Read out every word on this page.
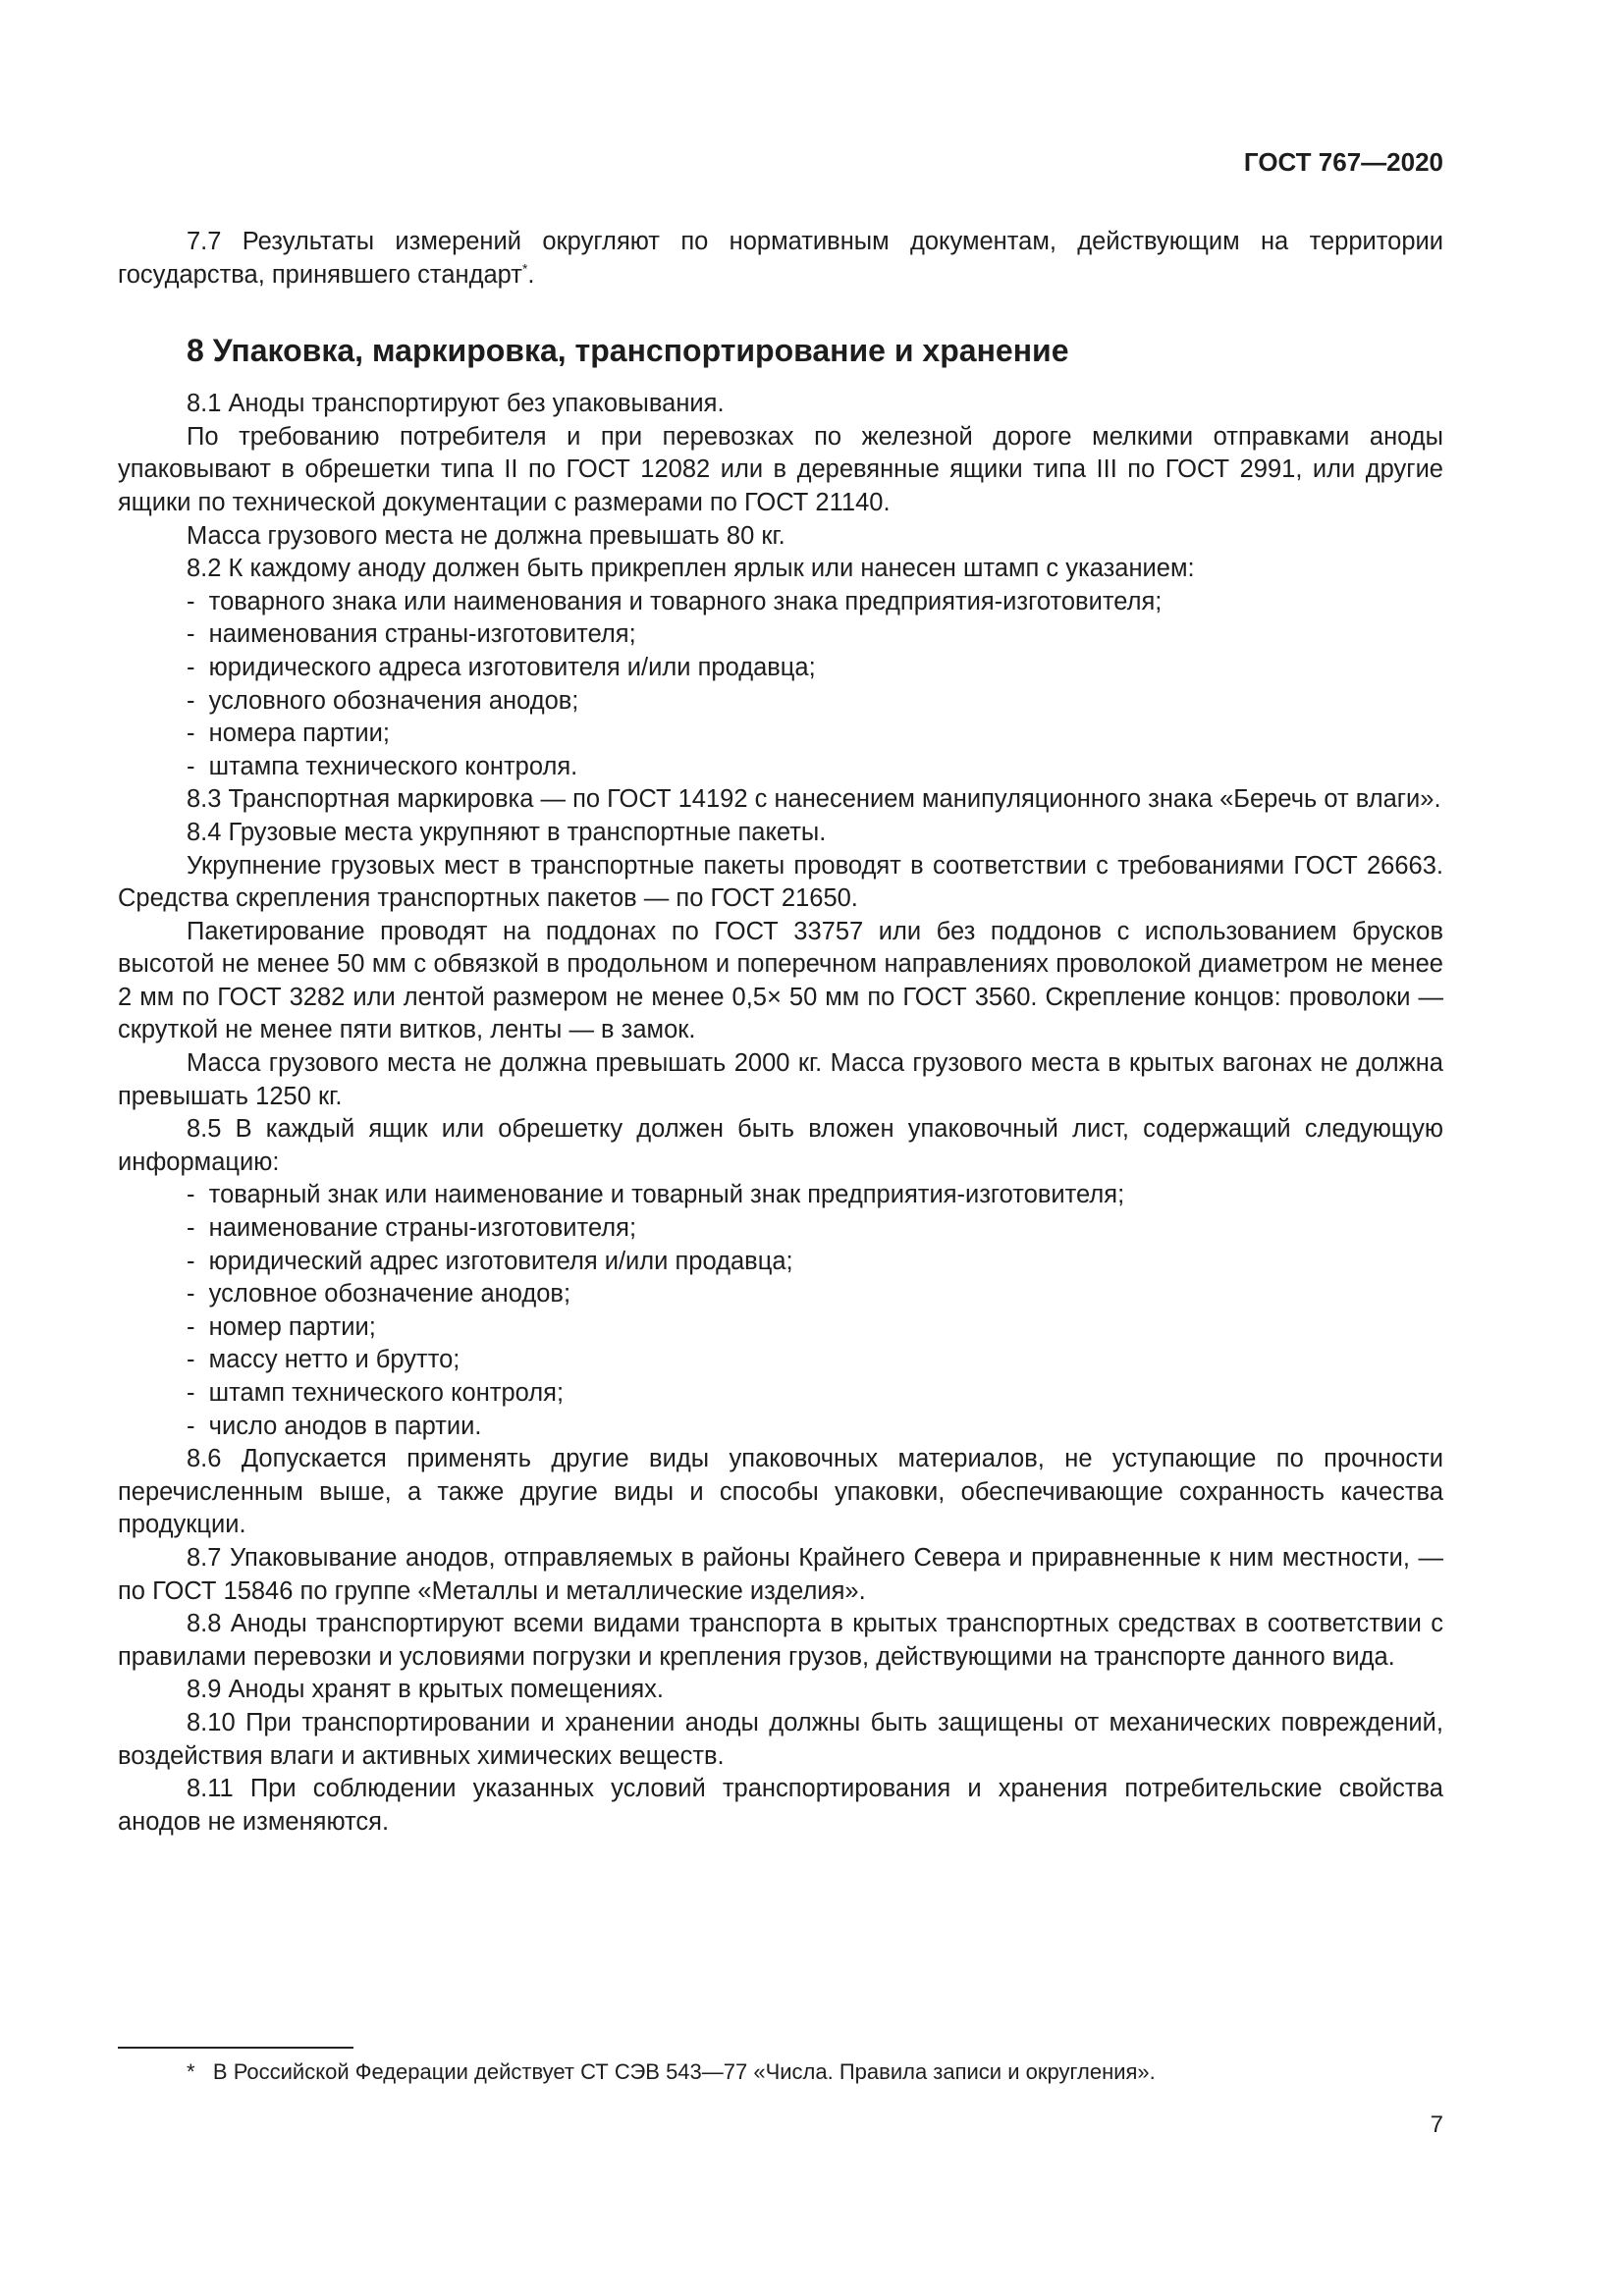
ГОСТ 767—2020

7.7 Результаты измерений округляют по нормативным документам, действующим на территории государства, принявшего стандарт*.

8 Упаковка, маркировка, транспортирование и хранение

8.1 Аноды транспортируют без упаковывания.

По требованию потребителя и при перевозках по железной дороге мелкими отправками аноды упаковывают в обрешетки типа II по ГОСТ 12082 или в деревянные ящики типа III по ГОСТ 2991, или другие ящики по технической документации с размерами по ГОСТ 21140.

Масса грузового места не должна превышать 80 кг.

8.2 К каждому аноду должен быть прикреплен ярлык или нанесен штамп с указанием:

-  товарного знака или наименования и товарного знака предприятия-изготовителя;

-  наименования страны-изготовителя;

-  юридического адреса изготовителя и/или продавца;

-  условного обозначения анодов;

-  номера партии;

-  штампа технического контроля.

8.3 Транспортная маркировка — по ГОСТ 14192 с нанесением манипуляционного знака «Беречь от влаги».

8.4 Грузовые места укрупняют в транспортные пакеты.

Укрупнение грузовых мест в транспортные пакеты проводят в соответствии с требованиями ГОСТ 26663. Средства скрепления транспортных пакетов — по ГОСТ 21650.

Пакетирование проводят на поддонах по ГОСТ 33757 или без поддонов с использованием брусков высотой не менее 50 мм с обвязкой в продольном и поперечном направлениях проволокой диаметром не менее 2 мм по ГОСТ 3282 или лентой размером не менее 0,5× 50 мм по ГОСТ 3560. Скрепление концов: проволоки — скруткой не менее пяти витков, ленты — в замок.

Масса грузового места не должна превышать 2000 кг. Масса грузового места в крытых вагонах не должна превышать 1250 кг.

8.5 В каждый ящик или обрешетку должен быть вложен упаковочный лист, содержащий следующую информацию:

-  товарный знак или наименование и товарный знак предприятия-изготовителя;

-  наименование страны-изготовителя;

-  юридический адрес изготовителя и/или продавца;

-  условное обозначение анодов;

-  номер партии;

-  массу нетто и брутто;

-  штамп технического контроля;

-  число анодов в партии.

8.6 Допускается применять другие виды упаковочных материалов, не уступающие по прочности перечисленным выше, а также другие виды и способы упаковки, обеспечивающие сохранность качества продукции.

8.7 Упаковывание анодов, отправляемых в районы Крайнего Севера и приравненные к ним местности, — по ГОСТ 15846 по группе «Металлы и металлические изделия».

8.8 Аноды транспортируют всеми видами транспорта в крытых транспортных средствах в соответствии с правилами перевозки и условиями погрузки и крепления грузов, действующими на транспорте данного вида.

8.9 Аноды хранят в крытых помещениях.

8.10 При транспортировании и хранении аноды должны быть защищены от механических повреждений, воздействия влаги и активных химических веществ.

8.11 При соблюдении указанных условий транспортирования и хранения потребительские свойства анодов не изменяются.

* В Российской Федерации действует СТ СЭВ 543—77 «Числа. Правила записи и округления».
7
